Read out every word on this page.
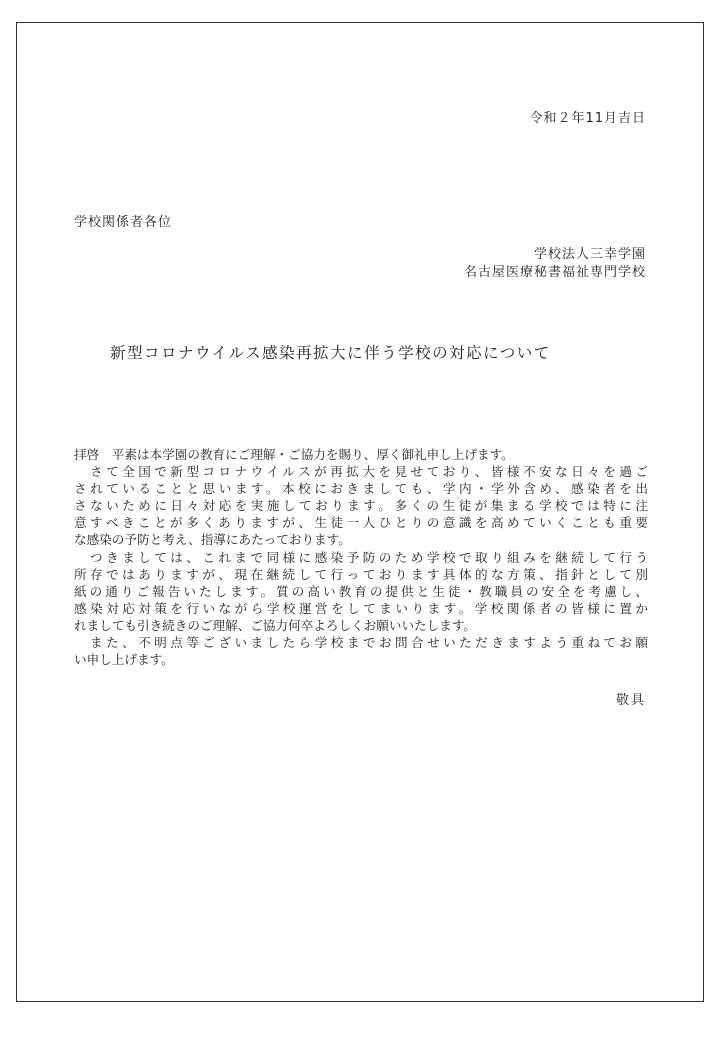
令和２年11月吉日
学校関係者各位
学校法人三幸学園
名古屋医療秘書福祉専門学校
新型コロナウイルス感染再拡大に伴う学校の対応について
拝啓　平素は本学園の教育にご理解・ご協力を賜り、厚く御礼申し上げます。
　さて全国で新型コロナウイルスが再拡大を見せており、皆様不安な日々を過ご
されていることと思います。本校におきましても、学内・学外含め、感染者を出
さないために日々対応を実施しております。多くの生徒が集まる学校では特に注
意すべきことが多くありますが、生徒一人ひとりの意識を高めていくことも重要
な感染の予防と考え、指導にあたっております。
　つきましては、これまで同様に感染予防のため学校で取り組みを継続して行う
所存ではありますが、現在継続して行っております具体的な方策、指針として別
紙の通りご報告いたします。質の高い教育の提供と生徒・教職員の安全を考慮し、
感染対応対策を行いながら学校運営をしてまいります。学校関係者の皆様に置か
れましても引き続きのご理解、ご協力何卒よろしくお願いいたします。
　また、不明点等ございましたら学校までお問合せいただきますよう重ねてお願
い申し上げます。
敬具
